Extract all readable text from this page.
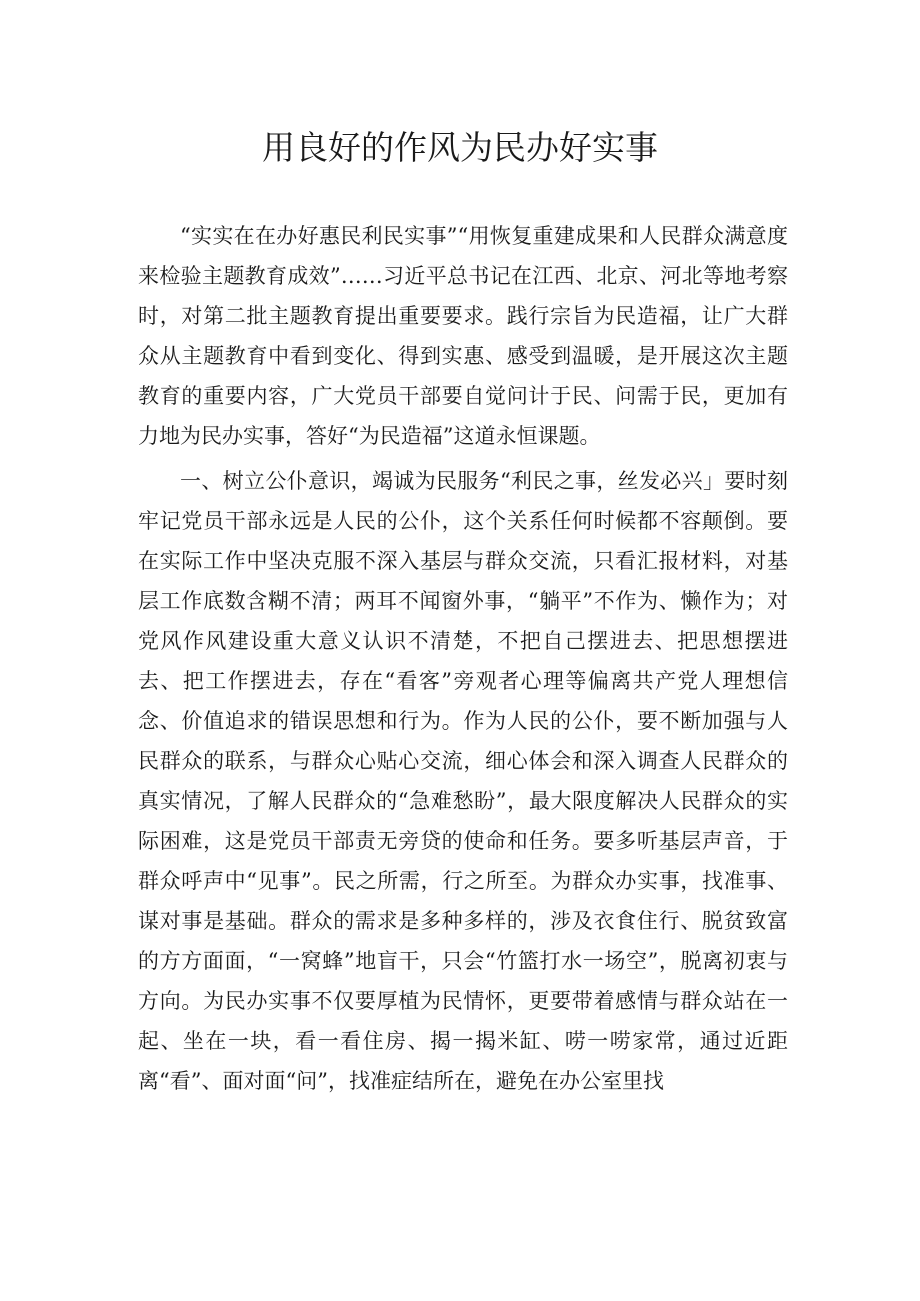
用良好的作风为民办好实事

“实实在在办好惠民利民实事”“用恢复重建成果和人民群众满意度来检验主题教育成效”……习近平总书记在江西、北京、河北等地考察时，对第二批主题教育提出重要要求。践行宗旨为民造福，让广大群众从主题教育中看到变化、得到实惠、感受到温暖，是开展这次主题教育的重要内容，广大党员干部要自觉问计于民、问需于民，更加有力地为民办实事，答好“为民造福”这道永恒课题。

一、树立公仆意识，竭诚为民服务“利民之事，丝发必兴」要时刻牢记党员干部永远是人民的公仆，这个关系任何时候都不容颠倒。要在实际工作中坚决克服不深入基层与群众交流，只看汇报材料，对基层工作底数含糊不清；两耳不闻窗外事，“躺平”不作为、懒作为；对党风作风建设重大意义认识不清楚，不把自己摆进去、把思想摆进去、把工作摆进去，存在“看客”旁观者心理等偏离共产党人理想信念、价值追求的错误思想和行为。作为人民的公仆，要不断加强与人民群众的联系，与群众心贴心交流，细心体会和深入调查人民群众的真实情况，了解人民群众的“急难愁盼”，最大限度解决人民群众的实际困难，这是党员干部责无旁贷的使命和任务。要多听基层声音，于群众呼声中“见事”。民之所需，行之所至。为群众办实事，找准事、谋对事是基础。群众的需求是多种多样的，涉及衣食住行、脱贫致富的方方面面，“一窝蜂”地盲干，只会“竹篮打水一场空”，脱离初衷与方向。为民办实事不仅要厚植为民情怀，更要带着感情与群众站在一起、坐在一块，看一看住房、揭一揭米缸、唠一唠家常，通过近距离“看”、面对面“问”，找准症结所在，避免在办公室里找
